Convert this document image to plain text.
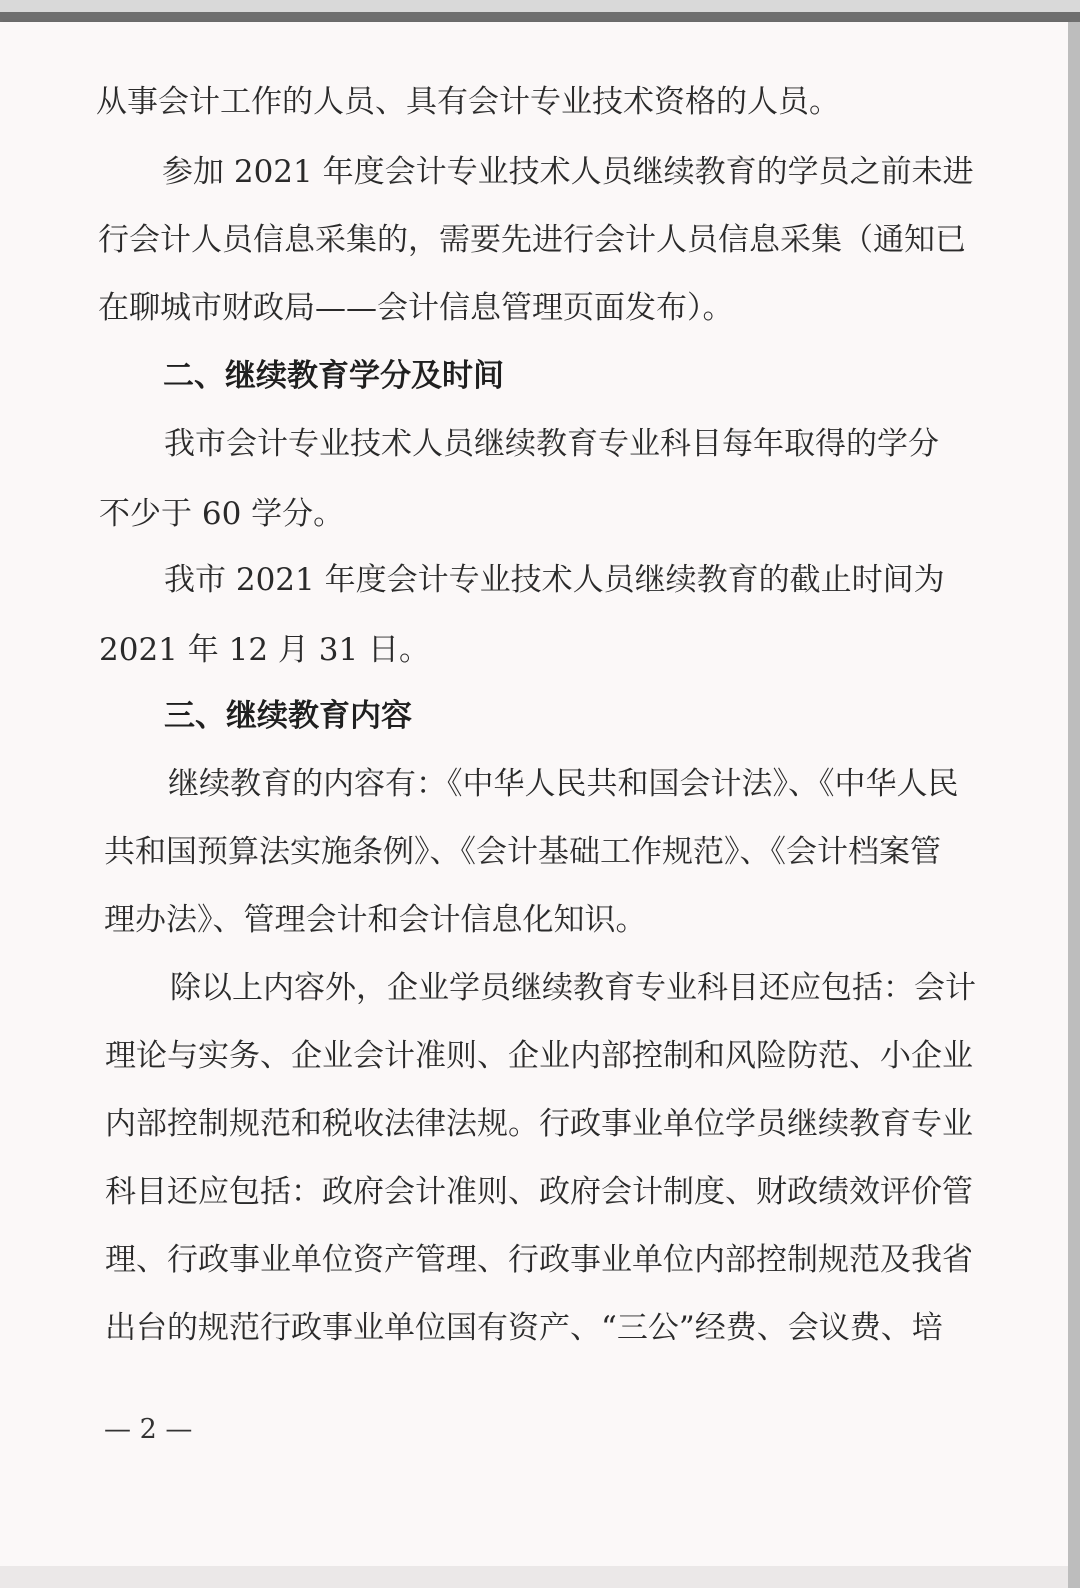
从事会计工作的人员、具有会计专业技术资格的人员。

参加 2021 年度会计专业技术人员继续教育的学员之前未进

行会计人员信息采集的，需要先进行会计人员信息采集（通知已

在聊城市财政局——会计信息管理页面发布）。

二、继续教育学分及时间

我市会计专业技术人员继续教育专业科目每年取得的学分

不少于 60 学分。

我市 2021 年度会计专业技术人员继续教育的截止时间为

2021 年 12 月 31 日。

三、继续教育内容

继续教育的内容有：《中华人民共和国会计法》、《中华人民

共和国预算法实施条例》、《会计基础工作规范》、《会计档案管

理办法》、管理会计和会计信息化知识。

除以上内容外，企业学员继续教育专业科目还应包括：会计

理论与实务、企业会计准则、企业内部控制和风险防范、小企业

内部控制规范和税收法律法规。行政事业单位学员继续教育专业

科目还应包括：政府会计准则、政府会计制度、财政绩效评价管

理、行政事业单位资产管理、行政事业单位内部控制规范及我省

出台的规范行政事业单位国有资产、“三公”经费、会议费、培

— 2 —
